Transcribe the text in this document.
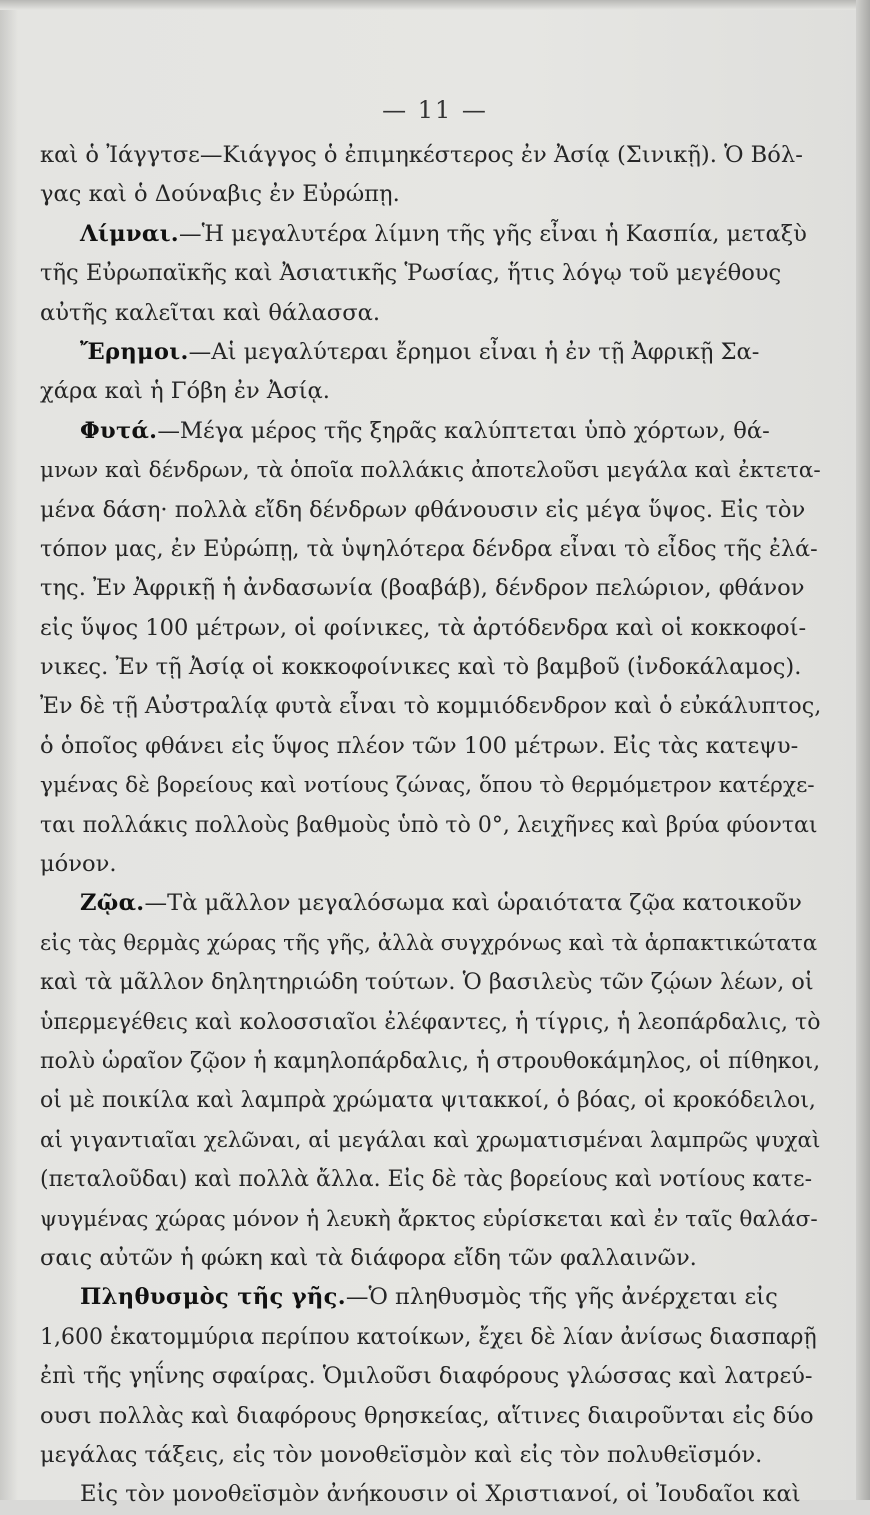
— 11 —
καὶ ὁ Ἰάγγτσε—Κιάγγος ὁ ἐπιμηκέστερος ἐν Ἀσίᾳ (Σινικῇ). Ὁ Βόλ-
γας καὶ ὁ Δούναβις ἐν Εὐρώπῃ.
Λίμναι.—Ἡ μεγαλυτέρα λίμνη τῆς γῆς εἶναι ἡ Κασπία, μεταξὺ
τῆς Εὐρωπαϊκῆς καὶ Ἀσιατικῆς Ῥωσίας, ἥτις λόγῳ τοῦ μεγέθους
αὐτῆς καλεῖται καὶ θάλασσα.
Ἔρημοι.—Αἱ μεγαλύτεραι ἔρημοι εἶναι ἡ ἐν τῇ Ἀφρικῇ Σα-
χάρα καὶ ἡ Γόβη ἐν Ἀσίᾳ.
Φυτά.—Μέγα μέρος τῆς ξηρᾶς καλύπτεται ὑπὸ χόρτων, θά-
μνων καὶ δένδρων, τὰ ὁποῖα πολλάκις ἀποτελοῦσι μεγάλα καὶ ἐκτετα-
μένα δάση· πολλὰ εἴδη δένδρων φθάνουσιν εἰς μέγα ὕψος. Εἰς τὸν
τόπον μας, ἐν Εὐρώπῃ, τὰ ὑψηλότερα δένδρα εἶναι τὸ εἶδος τῆς ἐλά-
της. Ἐν Ἀφρικῇ ἡ ἀνδασωνία (βοαβάβ), δένδρον πελώριον, φθάνον
εἰς ὕψος 100 μέτρων, οἱ φοίνικες, τὰ ἀρτόδενδρα καὶ οἱ κοκκοφοί-
νικες. Ἐν τῇ Ἀσίᾳ οἱ κοκκοφοίνικες καὶ τὸ βαμβοῦ (ἰνδοκάλαμος).
Ἐν δὲ τῇ Αὐστραλίᾳ φυτὰ εἶναι τὸ κομμιόδενδρον καὶ ὁ εὐκάλυπτος,
ὁ ὁποῖος φθάνει εἰς ὕψος πλέον τῶν 100 μέτρων. Εἰς τὰς κατεψυ-
γμένας δὲ βορείους καὶ νοτίους ζώνας, ὅπου τὸ θερμόμετρον κατέρχε-
ται πολλάκις πολλοὺς βαθμοὺς ὑπὸ τὸ 0°, λειχῆνες καὶ βρύα φύονται
μόνον.
Ζῷα.—Τὰ μᾶλλον μεγαλόσωμα καὶ ὡραιότατα ζῷα κατοικοῦν
εἰς τὰς θερμὰς χώρας τῆς γῆς, ἀλλὰ συγχρόνως καὶ τὰ ἁρπακτικώτατα
καὶ τὰ μᾶλλον δηλητηριώδη τούτων. Ὁ βασιλεὺς τῶν ζῴων λέων, οἱ
ὑπερμεγέθεις καὶ κολοσσιαῖοι ἐλέφαντες, ἡ τίγρις, ἡ λεοπάρδαλις, τὸ
πολὺ ὡραῖον ζῷον ἡ καμηλοπάρδαλις, ἡ στρουθοκάμηλος, οἱ πίθηκοι,
οἱ μὲ ποικίλα καὶ λαμπρὰ χρώματα ψιτακκοί, ὁ βόας, οἱ κροκόδειλοι,
αἱ γιγαντιαῖαι χελῶναι, αἱ μεγάλαι καὶ χρωματισμέναι λαμπρῶς ψυχαὶ
(πεταλοῦδαι) καὶ πολλὰ ἄλλα. Εἰς δὲ τὰς βορείους καὶ νοτίους κατε-
ψυγμένας χώρας μόνον ἡ λευκὴ ἄρκτος εὑρίσκεται καὶ ἐν ταῖς θαλάσ-
σαις αὐτῶν ἡ φώκη καὶ τὰ διάφορα εἴδη τῶν φαλλαινῶν.
Πληθυσμὸς τῆς γῆς.—Ὁ πληθυσμὸς τῆς γῆς ἀνέρχεται εἰς
1,600 ἑκατομμύρια περίπου κατοίκων, ἔχει δὲ λίαν ἀνίσως διασπαρῇ
ἐπὶ τῆς γηΐνης σφαίρας. Ὁμιλοῦσι διαφόρους γλώσσας καὶ λατρεύ-
ουσι πολλὰς καὶ διαφόρους θρησκείας, αἵτινες διαιροῦνται εἰς δύο
μεγάλας τάξεις, εἰς τὸν μονοθεϊσμὸν καὶ εἰς τὸν πολυθεϊσμόν.
Εἰς τὸν μονοθεϊσμὸν ἀνήκουσιν οἱ Χριστιανοί, οἱ Ἰουδαῖοι καὶ
